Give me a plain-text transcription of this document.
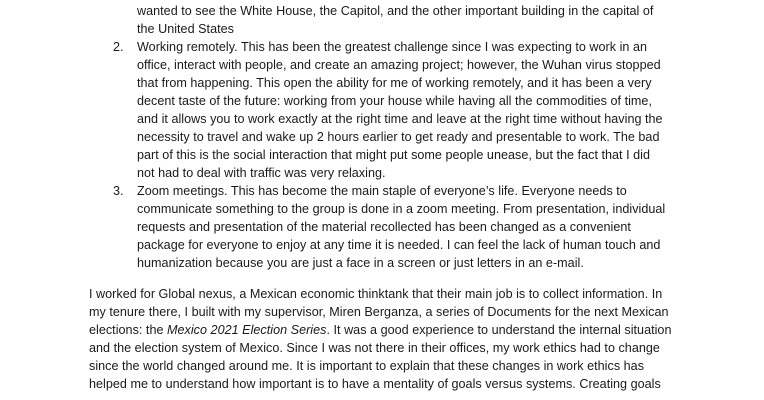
wanted to see the White House, the Capitol, and the other important building in the capital of
the United States
2. Working remotely. This has been the greatest challenge since I was expecting to work in an
office, interact with people, and create an amazing project; however, the Wuhan virus stopped
that from happening. This open the ability for me of working remotely, and it has been a very
decent taste of the future: working from your house while having all the commodities of time,
and it allows you to work exactly at the right time and leave at the right time without having the
necessity to travel and wake up 2 hours earlier to get ready and presentable to work. The bad
part of this is the social interaction that might put some people unease, but the fact that I did
not had to deal with traffic was very relaxing.
3. Zoom meetings. This has become the main staple of everyone’s life. Everyone needs to
communicate something to the group is done in a zoom meeting. From presentation, individual
requests and presentation of the material recollected has been changed as a convenient
package for everyone to enjoy at any time it is needed. I can feel the lack of human touch and
humanization because you are just a face in a screen or just letters in an e-mail.
I worked for Global nexus, a Mexican economic thinktank that their main job is to collect information. In
my tenure there, I built with my supervisor, Miren Berganza, a series of Documents for the next Mexican
elections: the Mexico 2021 Election Series. It was a good experience to understand the internal situation
and the election system of Mexico. Since I was not there in their offices, my work ethics had to change
since the world changed around me. It is important to explain that these changes in work ethics has
helped me to understand how important is to have a mentality of goals versus systems. Creating goals
